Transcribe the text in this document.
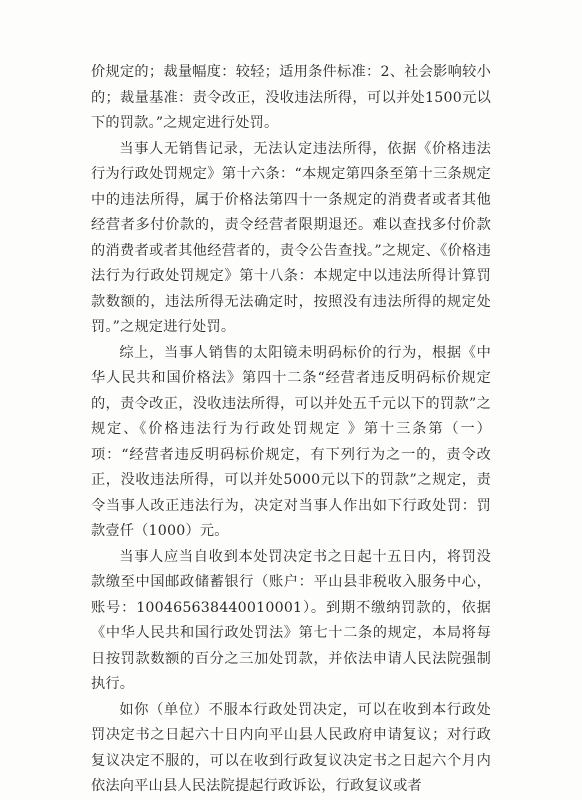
价规定的；裁量幅度：较轻；适用条件标准：2、社会影响较小的；裁量基准：责令改正，没收违法所得，可以并处1500元以下的罚款。”之规定进行处罚。

当事人无销售记录，无法认定违法所得，依据《价格违法行为行政处罚规定》第十六条：“本规定第四条至第十三条规定中的违法所得，属于价格法第四十一条规定的消费者或者其他经营者多付价款的，责令经营者限期退还。难以查找多付价款的消费者或者其他经营者的，责令公告查找。”之规定、《价格违法行为行政处罚规定》第十八条：本规定中以违法所得计算罚款数额的，违法所得无法确定时，按照没有违法所得的规定处罚。”之规定进行处罚。

综上，当事人销售的太阳镜未明码标价的行为，根据《中华人民共和国价格法》第四十二条“经营者违反明码标价规定的，责令改正，没收违法所得，可以并处五千元以下的罚款”之规定、《价格违法行为行政处罚规定 》第十三条第（一）项：“经营者违反明码标价规定，有下列行为之一的，责令改正，没收违法所得，可以并处5000元以下的罚款”之规定，责令当事人改正违法行为，决定对当事人作出如下行政处罚：罚款壹仟（1000）元。

当事人应当自收到本处罚决定书之日起十五日内，将罚没款缴至中国邮政储蓄银行（账户：平山县非税收入服务中心，账号：100465638440010001）。到期不缴纳罚款的，依据《中华人民共和国行政处罚法》第七十二条的规定，本局将每日按罚款数额的百分之三加处罚款，并依法申请人民法院强制执行。

如你（单位）不服本行政处罚决定，可以在收到本行政处罚决定书之日起六十日内向平山县人民政府申请复议；对行政复议决定不服的，可以在收到行政复议决定书之日起六个月内依法向平山县人民法院提起行政诉讼，行政复议或者
